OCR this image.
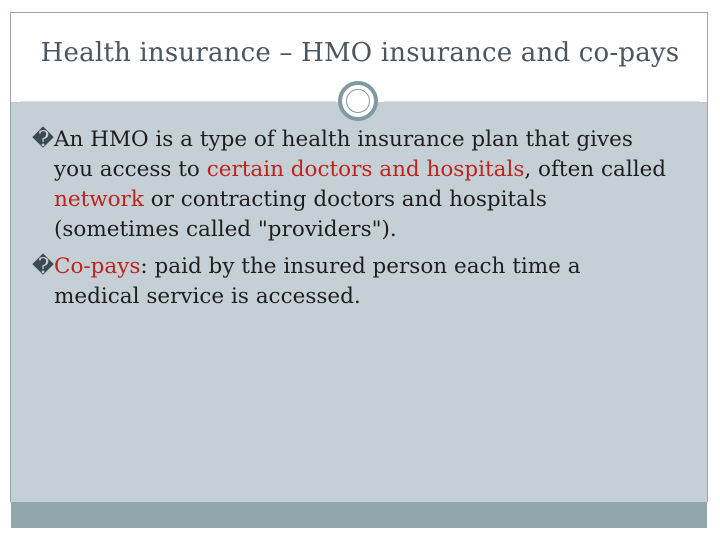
Health insurance – HMO insurance and co-pays
� An HMO is a type of health insurance plan that gives you access to certain doctors and hospitals, often called network or contracting doctors and hospitals (sometimes called "providers").
� Co-pays: paid by the insured person each time a medical service is accessed.
